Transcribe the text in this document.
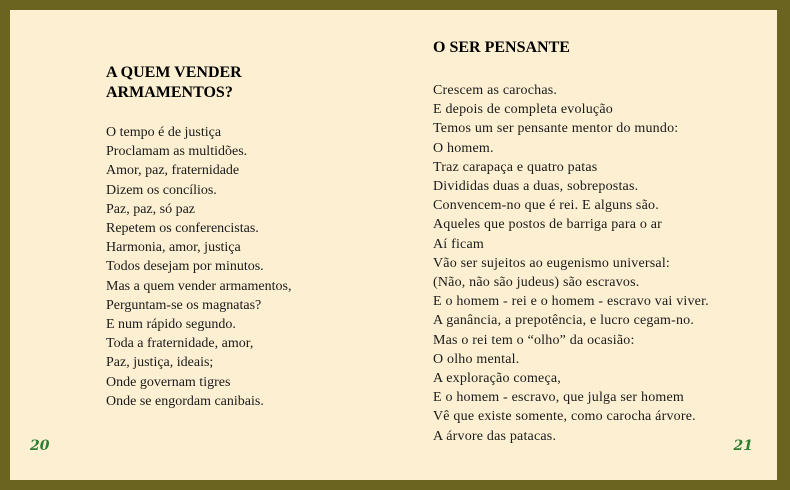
A QUEM VENDER ARMAMENTOS?
O tempo é de justiça
Proclamam as multidões.
Amor, paz, fraternidade
Dizem os concílios.
Paz, paz, só paz
Repetem os conferencistas.
Harmonia, amor, justiça
Todos desejam por minutos.
Mas a quem vender armamentos,
Perguntam-se os magnatas?
E num rápido segundo.
Toda a fraternidade, amor,
Paz, justiça, ideais;
Onde governam tigres
Onde se engordam canibais.
20
O SER PENSANTE
Crescem as carochas.
E depois de completa evolução
Temos um ser pensante mentor do mundo:
O homem.
Traz carapaça e quatro patas
Divididas duas a duas, sobrepostas.
Convencem-no que é rei. E alguns são.
Aqueles que postos de barriga para o ar
Aí ficam
Vão ser sujeitos ao eugenismo universal:
(Não, não são judeus) são escravos.
E o homem - rei e o homem - escravo vai viver.
A ganância, a prepotência, e lucro cegam-no.
Mas o rei tem o “olho” da ocasião:
O olho mental.
A exploração começa,
E o homem - escravo, que julga ser homem
Vê que existe somente, como carocha árvore.
A árvore das patacas.
21
